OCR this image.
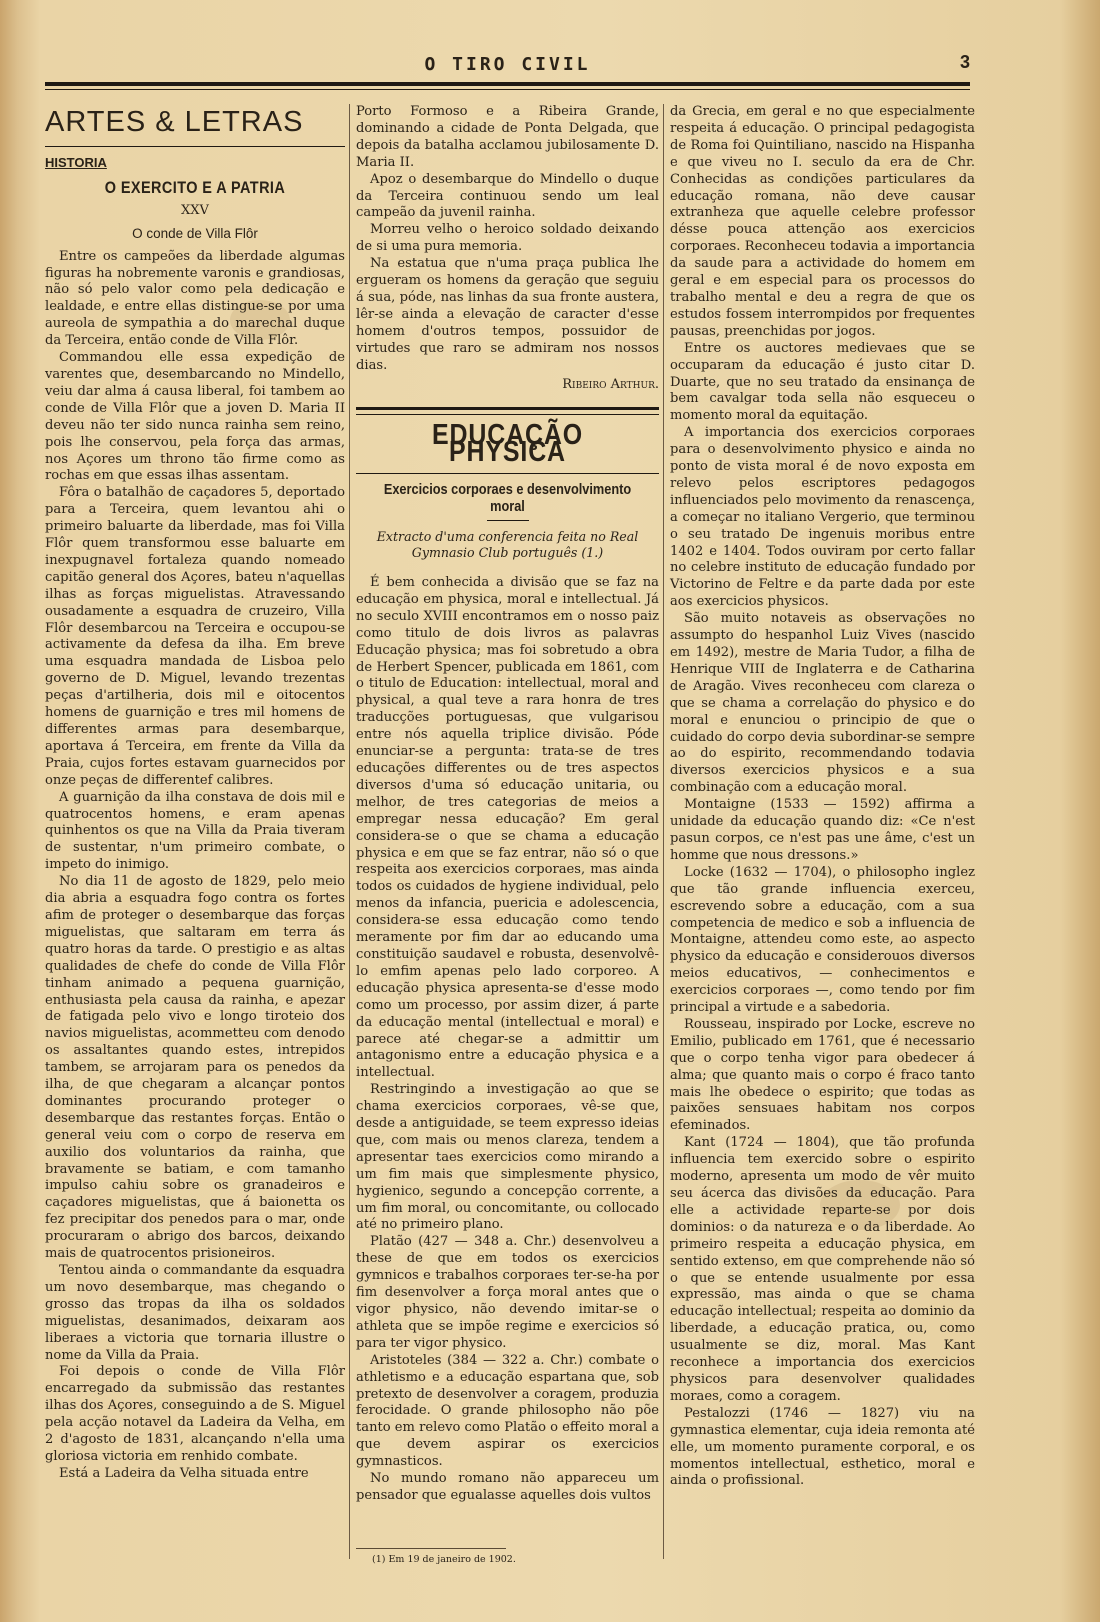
O TIRO CIVIL	3
ARTES & LETRAS
HISTORIA
O EXERCITO E A PATRIA
XXV
O conde de Villa Flôr

Entre os campeões da liberdade algumas figuras ha nobremente varonis e grandiosas, não só pelo valor como pela dedicação e lealdade, e entre ellas distingue-se por uma aureola de sympathia a do marechal duque da Terceira, então conde de Villa Flôr.

Commandou elle essa expedição de varentes que, desembarcando no Mindello, veiu dar alma á causa liberal, foi tambem ao conde de Villa Flôr que a joven D. Maria II deveu não ter sido nunca rainha sem reino, pois lhe conservou, pela força das armas, nos Açores um throno tão firme como as rochas em que essas ilhas assentam.

Fôra o batalhão de caçadores 5, deportado para a Terceira, quem levantou ahi o primeiro baluarte da liberdade, mas foi Villa Flôr quem transformou esse baluarte em inexpugnavel fortaleza quando nomeado capitão general dos Açores, bateu n'aquellas ilhas as forças miguelistas. Atravessando ousadamente a esquadra de cruzeiro, Villa Flôr desembarcou na Terceira e occupou-se activamente da defesa da ilha. Em breve uma esquadra mandada de Lisboa pelo governo de D. Miguel, levando trezentas peças d'artilheria, dois mil e oitocentos homens de guarnição e tres mil homens de differentes armas para desembarque, aportava á Terceira, em frente da Villa da Praia, cujos fortes estavam guarnecidos por onze peças de differentef calibres.

A guarnição da ilha constava de dois mil e quatrocentos homens, e eram apenas quinhentos os que na Villa da Praia tiveram de sustentar, n'um primeiro combate, o impeto do inimigo.

No dia 11 de agosto de 1829, pelo meio dia abria a esquadra fogo contra os fortes afim de proteger o desembarque das forças miguelistas, que saltaram em terra ás quatro horas da tarde. O prestigio e as altas qualidades de chefe do conde de Villa Flôr tinham animado a pequena guarnição, enthusiasta pela causa da rainha, e apezar de fatigada pelo vivo e longo tiroteio dos navios miguelistas, acommetteu com denodo os assaltantes quando estes, intrepidos tambem, se arrojaram para os penedos da ilha, de que chegaram a alcançar pontos dominantes procurando proteger o desembarque das restantes forças. Então o general veiu com o corpo de reserva em auxilio dos voluntarios da rainha, que bravamente se batiam, e com tamanho impulso cahiu sobre os granadeiros e caçadores miguelistas, que á baionetta os fez precipitar dos penedos para o mar, onde procuraram o abrigo dos barcos, deixando mais de quatrocentos prisioneiros.

Tentou ainda o commandante da esquadra um novo desembarque, mas chegando o grosso das tropas da ilha os soldados miguelistas, desanimados, deixaram aos liberaes a victoria que tornaria illustre o nome da Villa da Praia.

Foi depois o conde de Villa Flôr encarregado da submissão das restantes ilhas dos Açores, conseguindo a de S. Miguel pela acção notavel da Ladeira da Velha, em 2 d'agosto de 1831, alcançando n'ella uma gloriosa victoria em renhido combate.

Está a Ladeira da Velha situada entre

Porto Formoso e a Ribeira Grande, dominando a cidade de Ponta Delgada, que depois da batalha acclamou jubilosamente D. Maria II.

Apoz o desembarque do Mindello o duque da Terceira continuou sendo um leal campeão da juvenil rainha.

Morreu velho o heroico soldado deixando de si uma pura memoria.

Na estatua que n'uma praça publica lhe ergueram os homens da geração que seguiu á sua, póde, nas linhas da sua fronte austera, lêr-se ainda a elevação de caracter d'esse homem d'outros tempos, possuidor de virtudes que raro se admiram nos nossos dias.

Ribeiro Arthur.
EDUCAÇÃO PHYSICA
Exercicios corporaes e desenvolvimento moral
Extracto d'uma conferencia feita no Real Gymnasio Club português (1.)

É bem conhecida a divisão que se faz na educação em physica, moral e intellectual. Já no seculo XVIII encontramos em o nosso paiz como titulo de dois livros as palavras Educação physica; mas foi sobretudo a obra de Herbert Spencer, publicada em 1861, com o titulo de Education: intellectual, moral and physical, a qual teve a rara honra de tres traducções portuguesas, que vulgarisou entre nós aquella triplice divisão. Póde enunciar-se a pergunta: trata-se de tres educações differentes ou de tres aspectos diversos d'uma só educação unitaria, ou melhor, de tres categorias de meios a empregar nessa educação? Em geral considera-se o que se chama a educação physica e em que se faz entrar, não só o que respeita aos exercicios corporaes, mas ainda todos os cuidados de hygiene individual, pelo menos da infancia, puericia e adolescencia, considera-se essa educação como tendo meramente por fim dar ao educando uma constituição saudavel e robusta, desenvolvê-lo emfim apenas pelo lado corporeo. A educação physica apresenta-se d'esse modo como um processo, por assim dizer, á parte da educação mental (intellectual e moral) e parece até chegar-se a admittir um antagonismo entre a educação physica e a intellectual.

Restringindo a investigação ao que se chama exercicios corporaes, vê-se que, desde a antiguidade, se teem expresso ideias que, com mais ou menos clareza, tendem a apresentar taes exercicios como mirando a um fim mais que simplesmente physico, hygienico, segundo a concepção corrente, a um fim moral, ou concomitante, ou collocado até no primeiro plano.

Platão (427 — 348 a. Chr.) desenvolveu a these de que em todos os exercicios gymnicos e trabalhos corporaes ter-se-ha por fim desenvolver a força moral antes que o vigor physico, não devendo imitar-se o athleta que se impõe regime e exercicios só para ter vigor physico.

Aristoteles (384 — 322 a. Chr.) combate o athletismo e a educação espartana que, sob pretexto de desenvolver a coragem, produzia ferocidade. O grande philosopho não põe tanto em relevo como Platão o effeito moral a que devem aspirar os exercicios gymnasticos.

No mundo romano não appareceu um pensador que egualasse aquelles dois vultos

(1) Em 19 de janeiro de 1902.

da Grecia, em geral e no que especialmente respeita á educação. O principal pedagogista de Roma foi Quintiliano, nascido na Hispanha e que viveu no I. seculo da era de Chr. Conhecidas as condições particulares da educação romana, não deve causar extranheza que aquelle celebre professor désse pouca attenção aos exercicios corporaes. Reconheceu todavia a importancia da saude para a actividade do homem em geral e em especial para os processos do trabalho mental e deu a regra de que os estudos fossem interrompidos por frequentes pausas, preenchidas por jogos.

Entre os auctores medievaes que se occuparam da educação é justo citar D. Duarte, que no seu tratado da ensinança de bem cavalgar toda sella não esqueceu o momento moral da equitação.

A importancia dos exercicios corporaes para o desenvolvimento physico e ainda no ponto de vista moral é de novo exposta em relevo pelos escriptores pedagogos influenciados pelo movimento da renascença, a começar no italiano Vergerio, que terminou o seu tratado De ingenuis moribus entre 1402 e 1404. Todos ouviram por certo fallar no celebre instituto de educação fundado por Victorino de Feltre e da parte dada por este aos exercicios physicos.

São muito notaveis as observações no assumpto do hespanhol Luiz Vives (nascido em 1492), mestre de Maria Tudor, a filha de Henrique VIII de Inglaterra e de Catharina de Aragão. Vives reconheceu com clareza o que se chama a correlação do physico e do moral e enunciou o principio de que o cuidado do corpo devia subordinar-se sempre ao do espirito, recommendando todavia diversos exercicios physicos e a sua combinação com a educação moral.

Montaigne (1533 — 1592) affirma a unidade da educação quando diz: «Ce n'est pasun corpos, ce n'est pas une âme, c'est un homme que nous dressons.»

Locke (1632 — 1704), o philosopho inglez que tão grande influencia exerceu, escrevendo sobre a educação, com a sua competencia de medico e sob a influencia de Montaigne, attendeu como este, ao aspecto physico da educação e considerouos diversos meios educativos, — conhecimentos e exercicios corporaes —, como tendo por fim principal a virtude e a sabedoria.

Rousseau, inspirado por Locke, escreve no Emilio, publicado em 1761, que é necessario que o corpo tenha vigor para obedecer á alma; que quanto mais o corpo é fraco tanto mais lhe obedece o espirito; que todas as paixões sensuaes habitam nos corpos efeminados.

Kant (1724 — 1804), que tão profunda influencia tem exercido sobre o espirito moderno, apresenta um modo de vêr muito seu ácerca das divisões da educação. Para elle a actividade reparte-se por dois dominios: o da natureza e o da liberdade. Ao primeiro respeita a educação physica, em sentido extenso, em que comprehende não só o que se entende usualmente por essa expressão, mas ainda o que se chama educação intellectual; respeita ao dominio da liberdade, a educação pratica, ou, como usualmente se diz, moral. Mas Kant reconhece a importancia dos exercicios physicos para desenvolver qualidades moraes, como a coragem.

Pestalozzi (1746 — 1827) viu na gymnastica elementar, cuja ideia remonta até elle, um momento puramente corporal, e os momentos intellectual, esthetico, moral e ainda o profissional.
